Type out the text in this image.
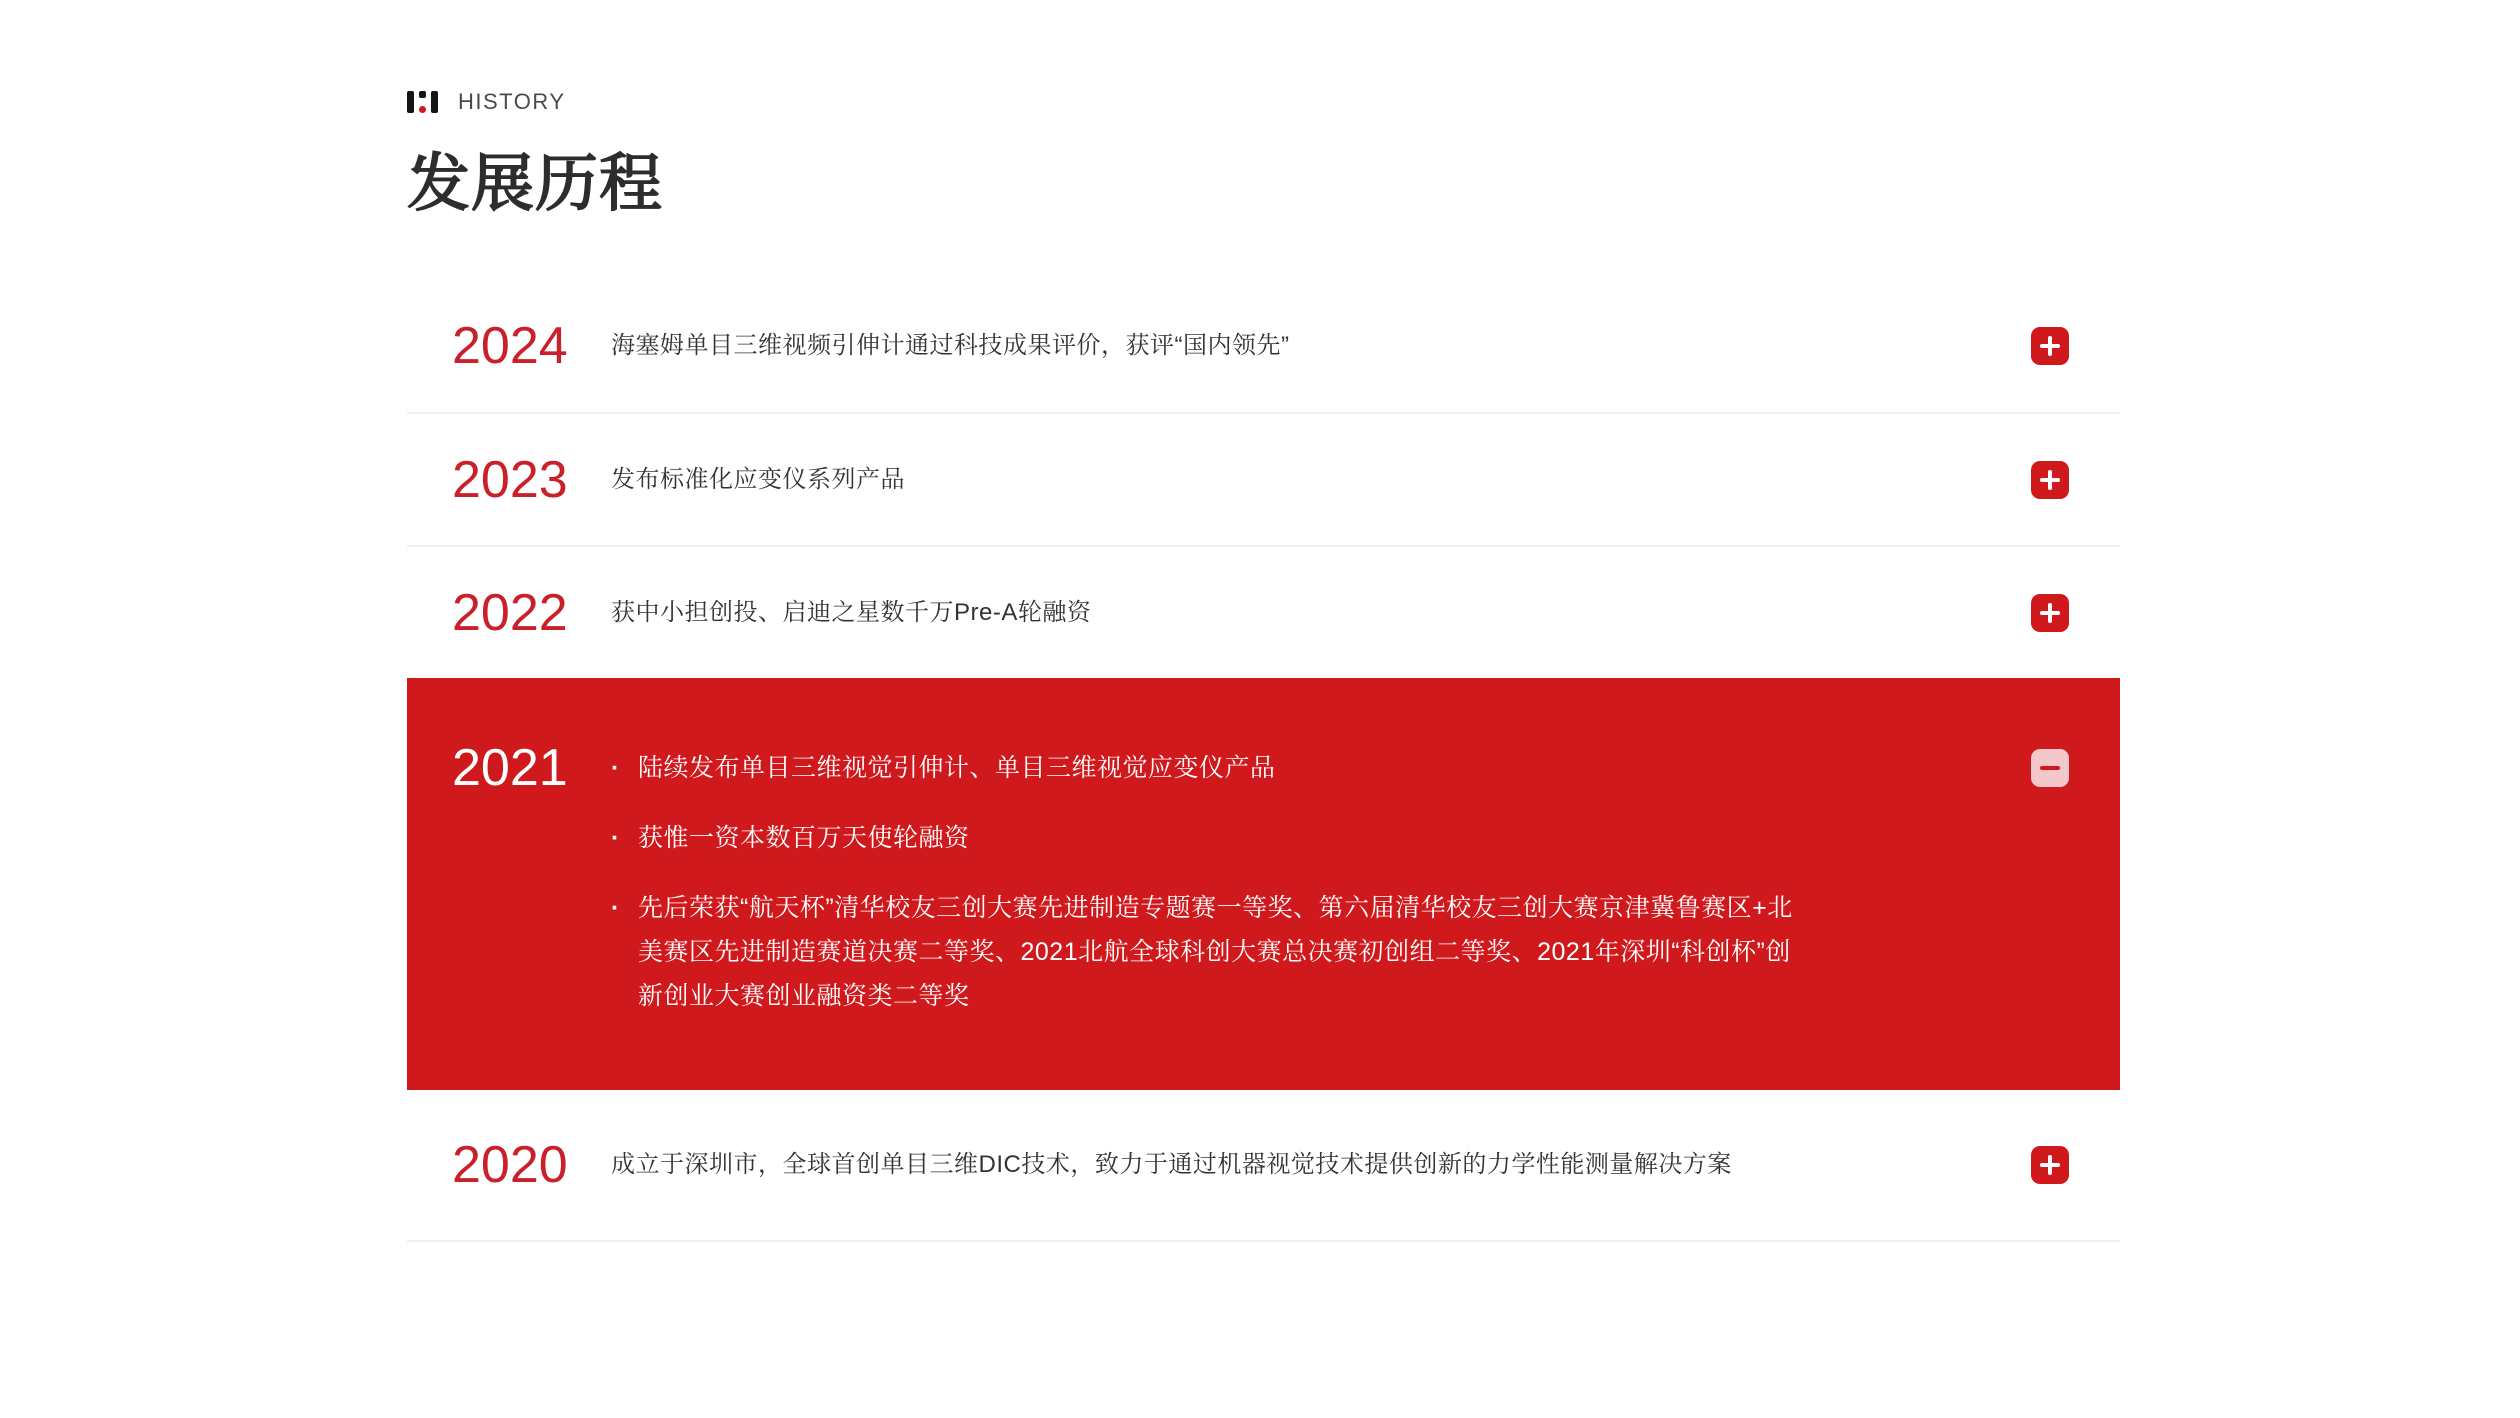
HISTORY
发展历程
2024	海塞姆单目三维视频引伸计通过科技成果评价，获评“国内领先”
2023	发布标准化应变仪系列产品
2022	获中小担创投、启迪之星数千万Pre-A轮融资
2021	· 陆续发布单目三维视觉引伸计、单目三维视觉应变仪产品
· 获惟一资本数百万天使轮融资
· 先后荣获“航天杯”清华校友三创大赛先进制造专题赛一等奖、第六届清华校友三创大赛京津冀鲁赛区+北美赛区先进制造赛道决赛二等奖、2021北航全球科创大赛总决赛初创组二等奖、2021年深圳“科创杯”创新创业大赛创业融资类二等奖
2020	成立于深圳市，全球首创单目三维DIC技术，致力于通过机器视觉技术提供创新的力学性能测量解决方案
